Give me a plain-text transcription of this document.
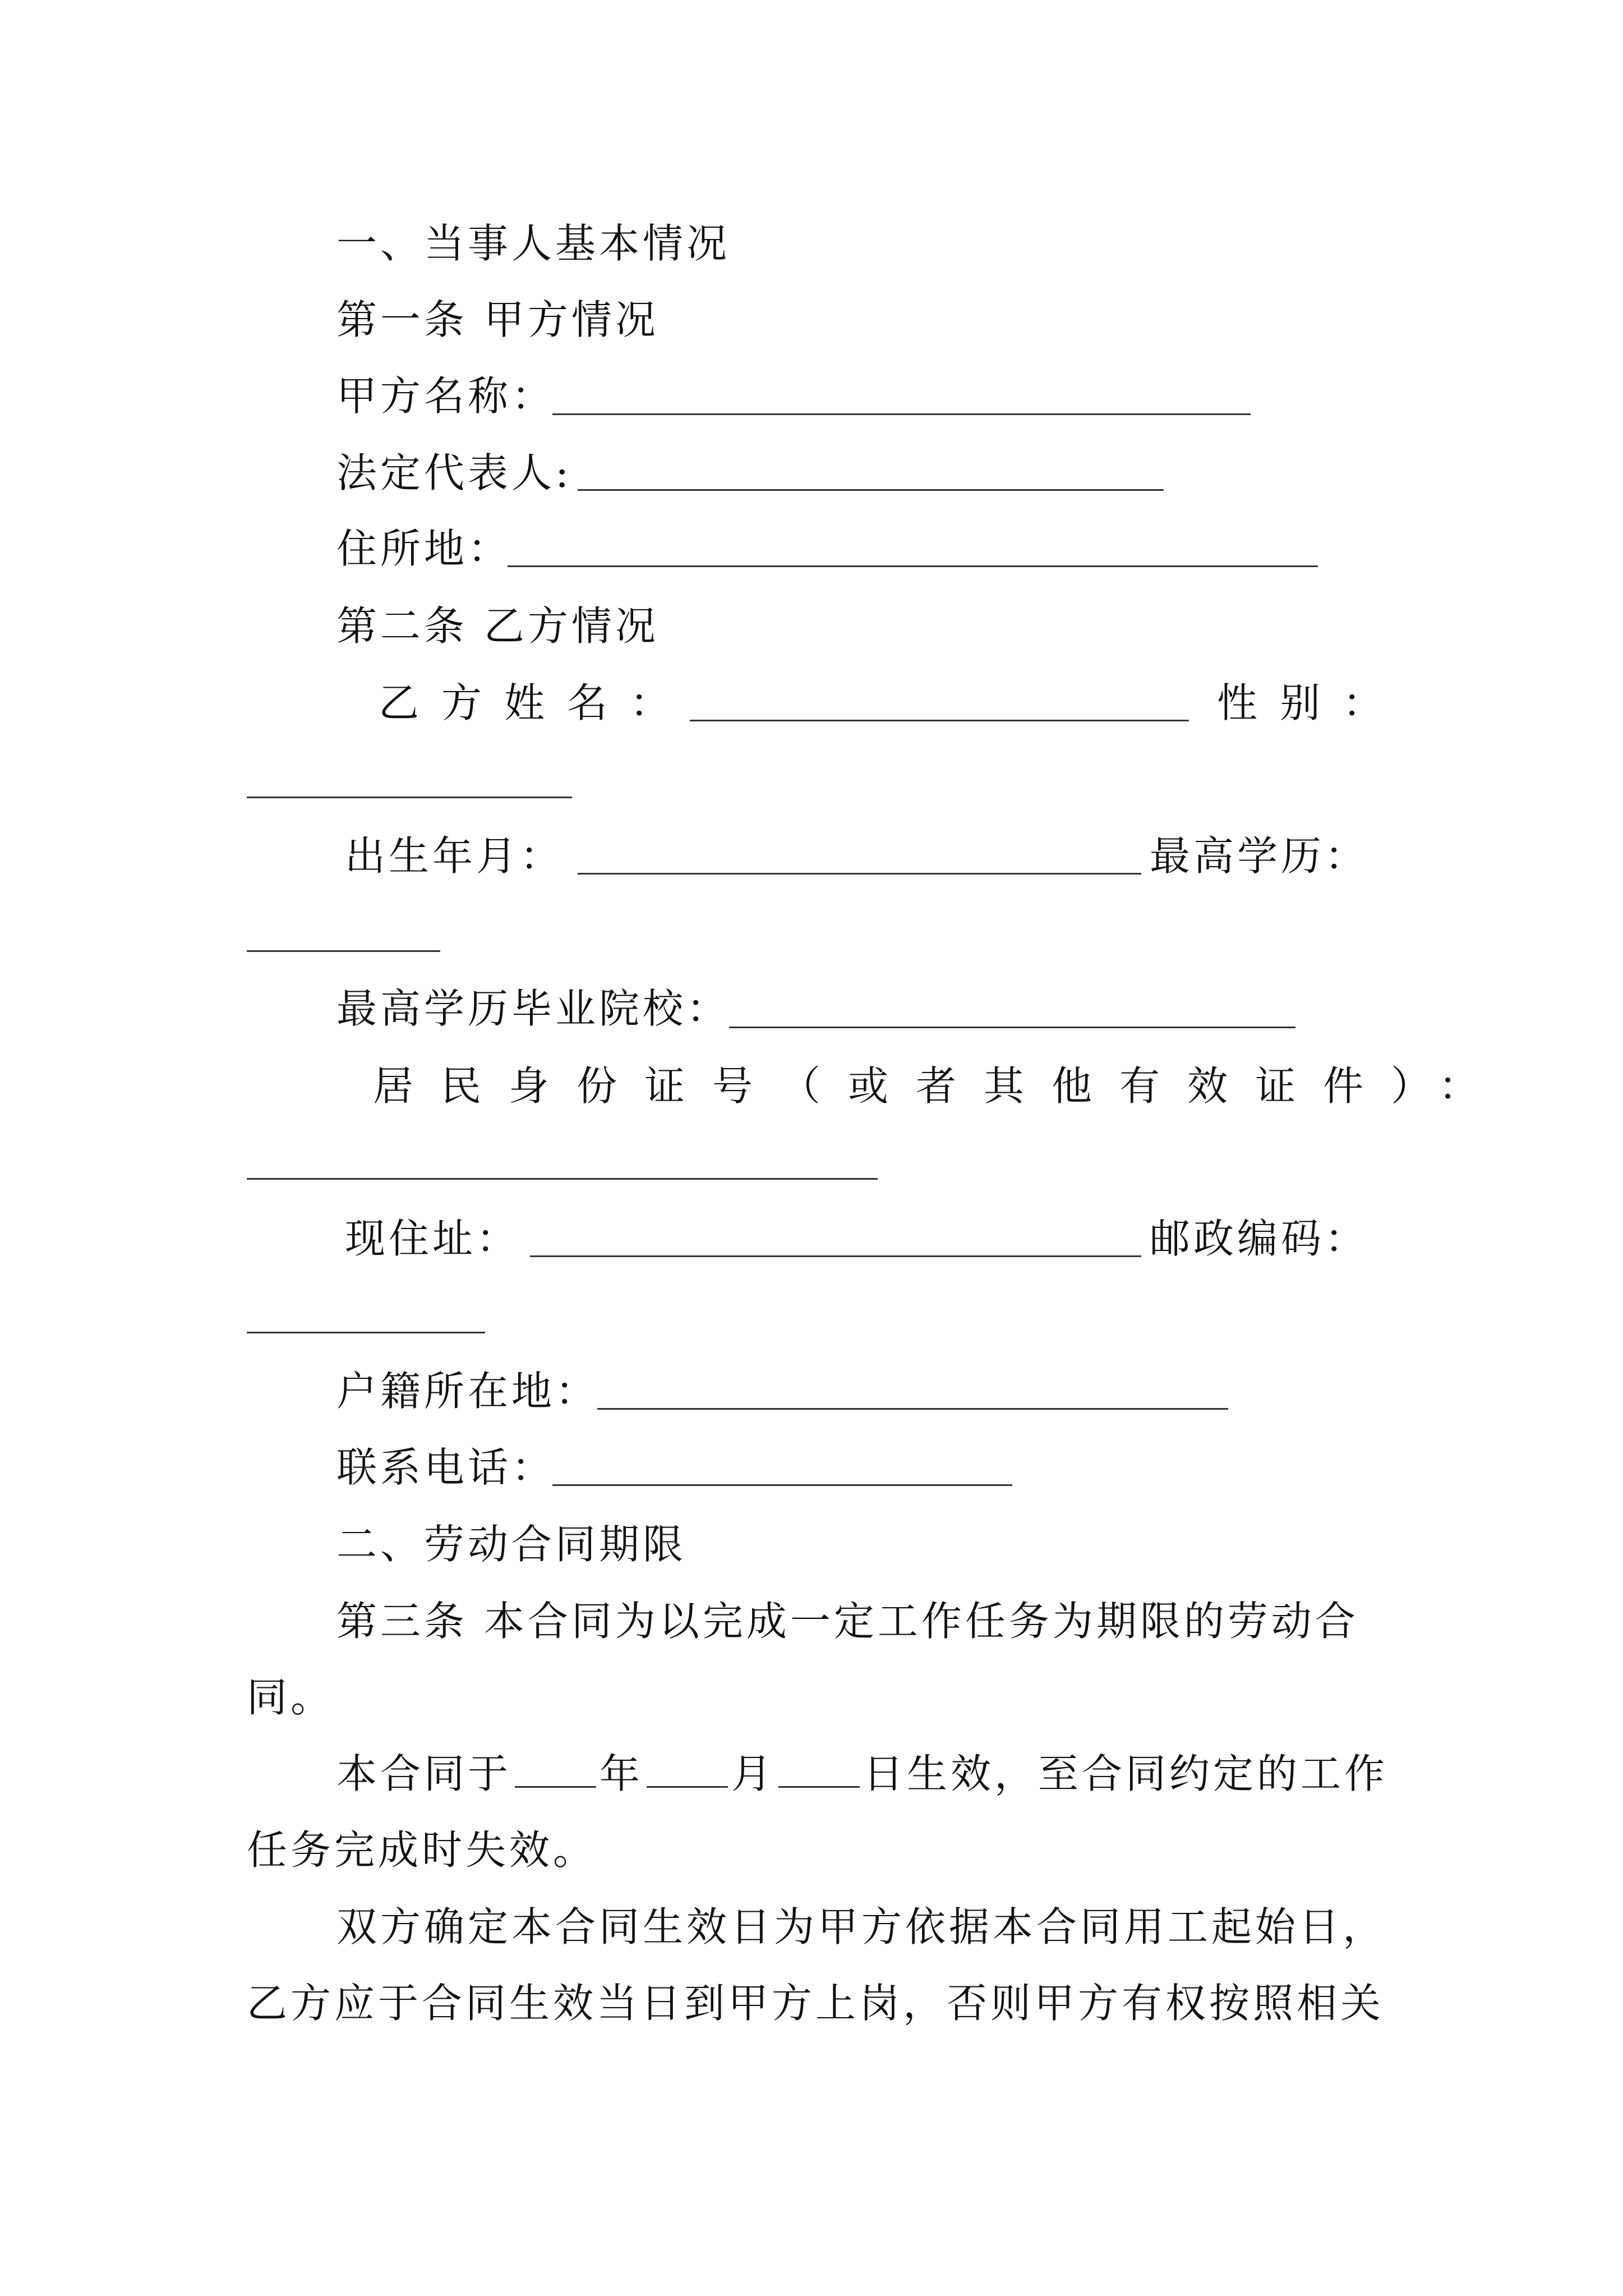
一、当事人基本情况
第一条 甲方情况
甲方名称：
法定代表人:
住所地：
第二条 乙方情况
乙方姓名：	性别：
出生年月：	最高学历：
最高学历毕业院校：
居民身份证号（或者其他有效证件）：
现住址：	邮政编码：
户籍所在地：
联系电话：
二、劳动合同期限
第三条 本合同为以完成一定工作任务为期限的劳动合
同。
本合同于 年 月 日生效，至合同约定的工作
任务完成时失效。
双方确定本合同生效日为甲方依据本合同用工起始日，
乙方应于合同生效当日到甲方上岗，否则甲方有权按照相关
